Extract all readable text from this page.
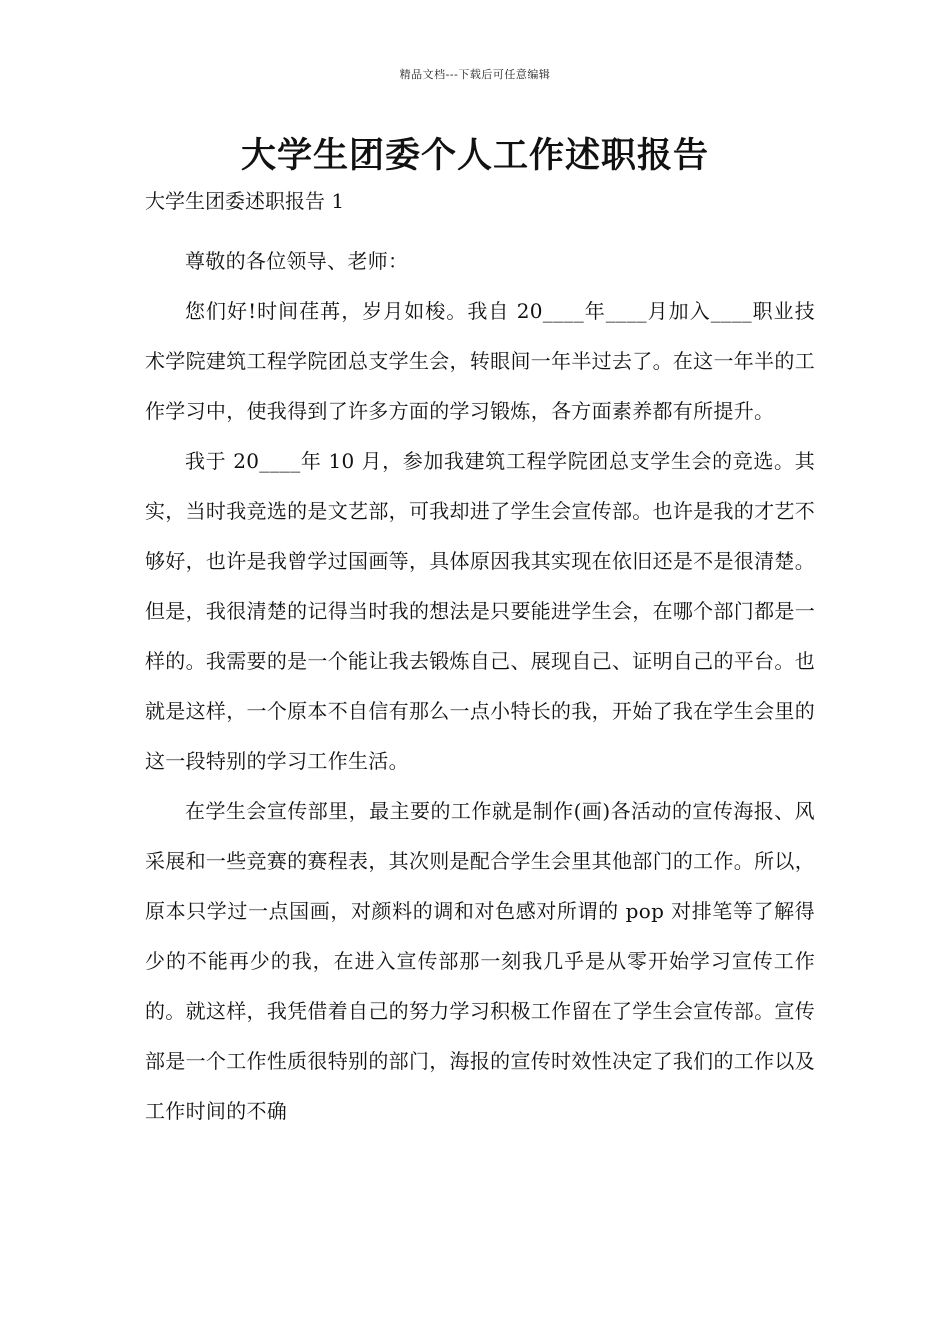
精品文档---下载后可任意编辑
大学生团委个人工作述职报告

大学生团委述职报告 1

尊敬的各位领导、老师：

您们好!时间荏苒，岁月如梭。我自 20____年____月加入____职业技术学院建筑工程学院团总支学生会，转眼间一年半过去了。在这一年半的工作学习中，使我得到了许多方面的学习锻炼，各方面素养都有所提升。

我于 20____年 10 月，参加我建筑工程学院团总支学生会的竞选。其实，当时我竞选的是文艺部，可我却进了学生会宣传部。也许是我的才艺不够好，也许是我曾学过国画等，具体原因我其实现在依旧还是不是很清楚。但是，我很清楚的记得当时我的想法是只要能进学生会，在哪个部门都是一样的。我需要的是一个能让我去锻炼自己、展现自己、证明自己的平台。也就是这样，一个原本不自信有那么一点小特长的我，开始了我在学生会里的这一段特别的学习工作生活。

在学生会宣传部里，最主要的工作就是制作(画)各活动的宣传海报、风采展和一些竞赛的赛程表，其次则是配合学生会里其他部门的工作。所以，原本只学过一点国画，对颜料的调和对色感对所谓的 pop 对排笔等了解得少的不能再少的我，在进入宣传部那一刻我几乎是从零开始学习宣传工作的。就这样，我凭借着自己的努力学习积极工作留在了学生会宣传部。宣传部是一个工作性质很特别的部门，海报的宣传时效性决定了我们的工作以及工作时间的不确
